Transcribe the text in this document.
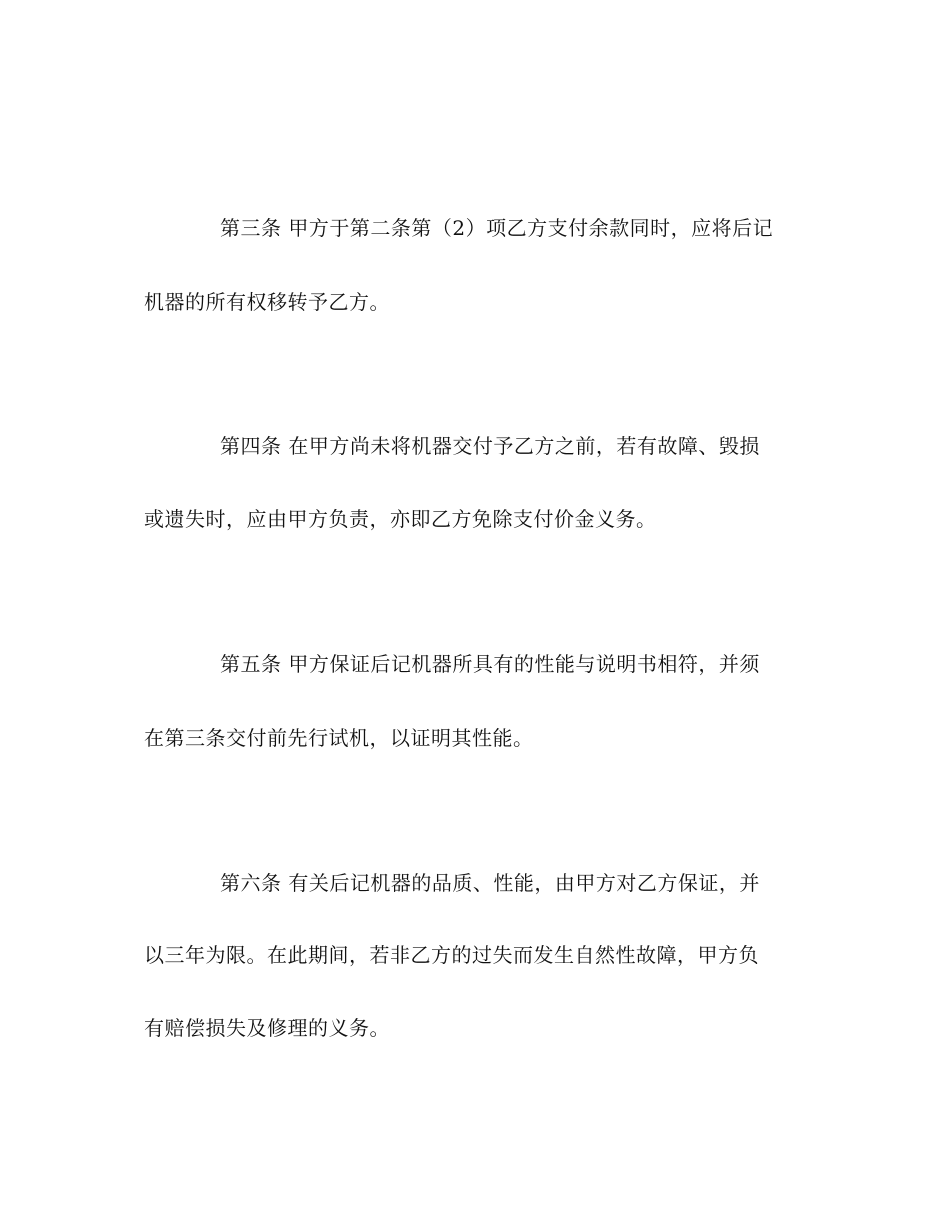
第三条 甲方于第二条第（2）项乙方支付余款同时，应将后记
机器的所有权移转予乙方。
第四条 在甲方尚未将机器交付予乙方之前，若有故障、毁损
或遗失时，应由甲方负责，亦即乙方免除支付价金义务。
第五条 甲方保证后记机器所具有的性能与说明书相符，并须
在第三条交付前先行试机，以证明其性能。
第六条 有关后记机器的品质、性能，由甲方对乙方保证，并
以三年为限。在此期间，若非乙方的过失而发生自然性故障，甲方负
有赔偿损失及修理的义务。
